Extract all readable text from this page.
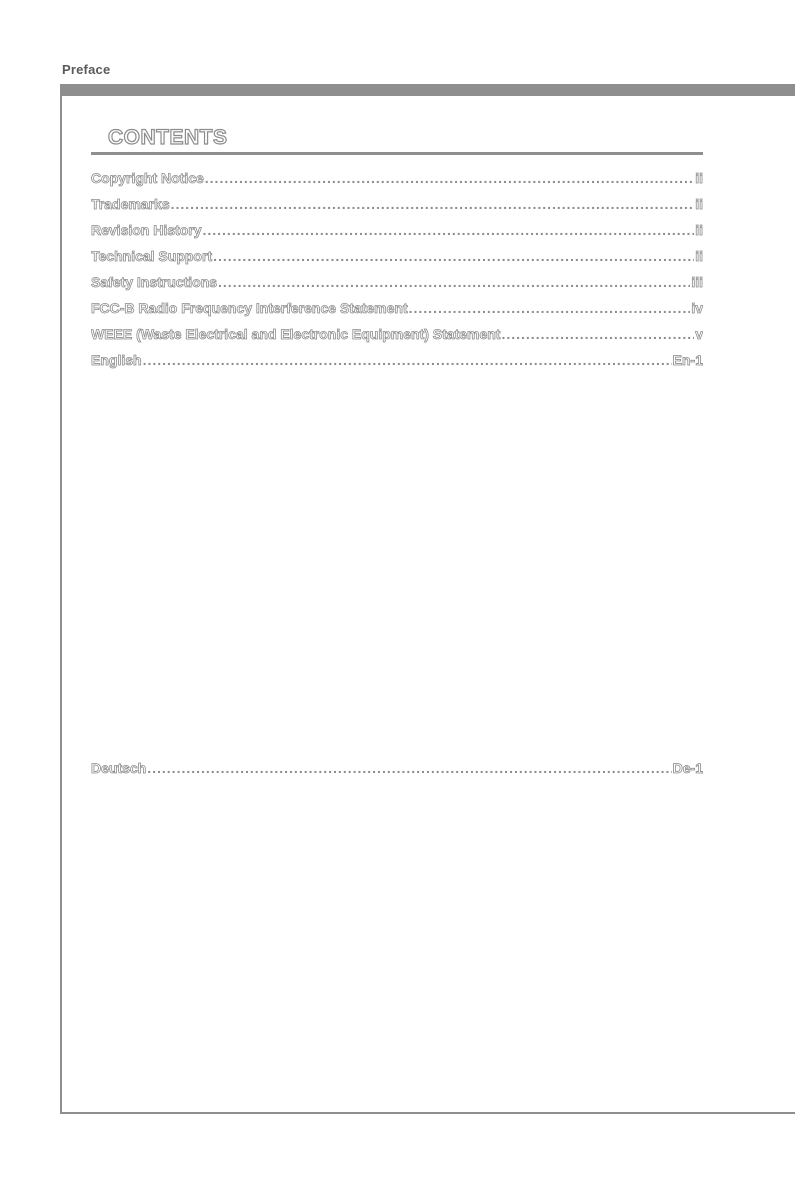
Preface
CONTENTS
Copyright Notice .....	ii
Trademarks .....	ii
Revision History .....	ii
Technical Support .....	ii
Safety Instructions .....	iii
FCC-B Radio Frequency Interference Statement .....	iv
WEEE (Waste Electrical and Electronic Equipment) Statement .....	v
English .....	En-1
Deutsch .....	De-1
